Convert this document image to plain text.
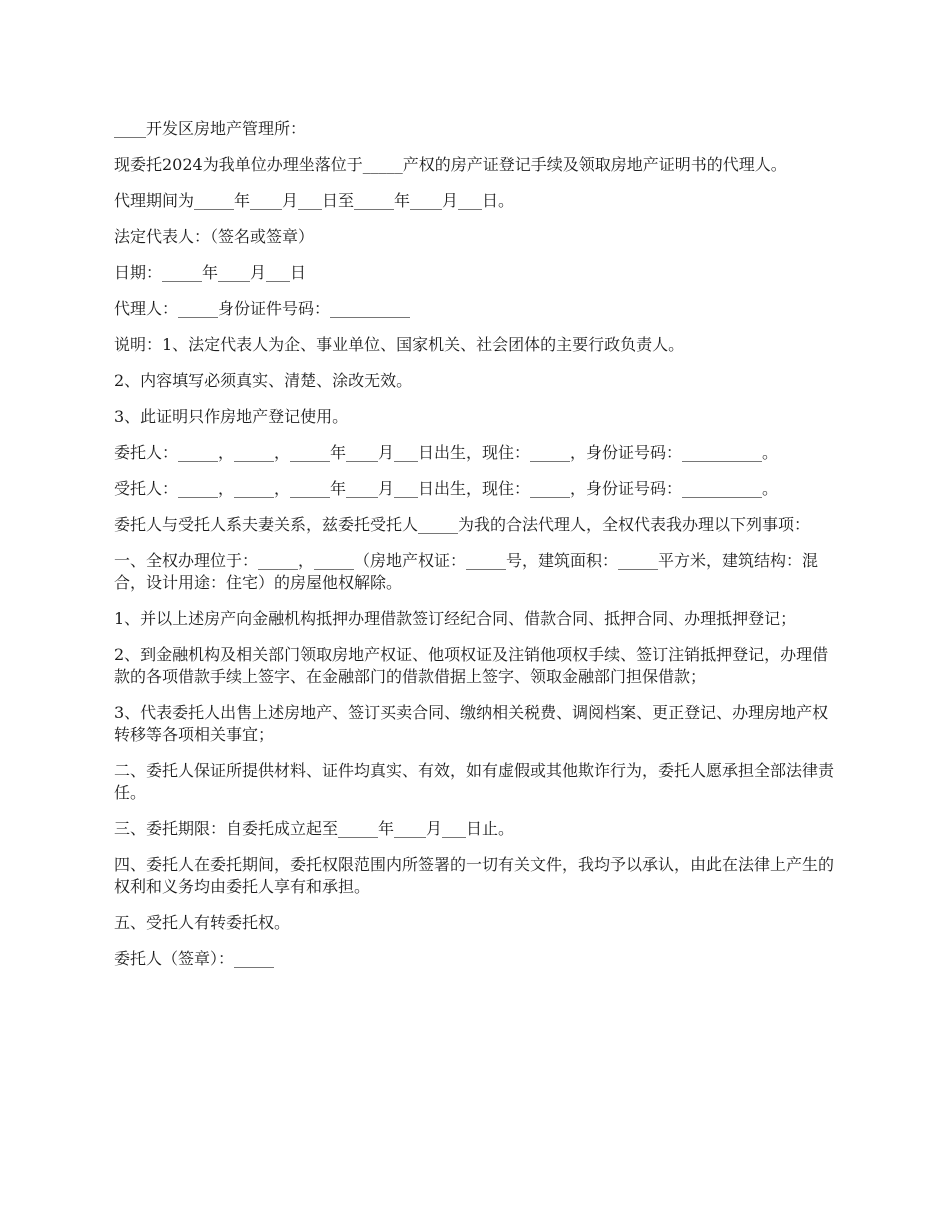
____开发区房地产管理所：

现委托2024为我单位办理坐落位于_____产权的房产证登记手续及领取房地产证明书的代理人。

代理期间为_____年____月___日至_____年____月___日。

法定代表人：（签名或签章）

日期：_____年____月___日

代理人：_____身份证件号码：__________

说明：1、法定代表人为企、事业单位、国家机关、社会团体的主要行政负责人。

2、内容填写必须真实、清楚、涂改无效。

3、此证明只作房地产登记使用。

委托人：_____，_____，_____年____月___日出生，现住：_____，身份证号码：__________。

受托人：_____，_____，_____年____月___日出生，现住：_____，身份证号码：__________。

委托人与受托人系夫妻关系，兹委托受托人_____为我的合法代理人，全权代表我办理以下列事项：

一、全权办理位于：_____，_____（房地产权证：_____号，建筑面积：_____平方米，建筑结构：混合，设计用途：住宅）的房屋他权解除。

1、并以上述房产向金融机构抵押办理借款签订经纪合同、借款合同、抵押合同、办理抵押登记；

2、到金融机构及相关部门领取房地产权证、他项权证及注销他项权手续、签订注销抵押登记，办理借款的各项借款手续上签字、在金融部门的借款借据上签字、领取金融部门担保借款；

3、代表委托人出售上述房地产、签订买卖合同、缴纳相关税费、调阅档案、更正登记、办理房地产权转移等各项相关事宜；

二、委托人保证所提供材料、证件均真实、有效，如有虚假或其他欺诈行为，委托人愿承担全部法律责任。

三、委托期限：自委托成立起至_____年____月___日止。

四、委托人在委托期间，委托权限范围内所签署的一切有关文件，我均予以承认，由此在法律上产生的权利和义务均由委托人享有和承担。

五、受托人有转委托权。

委托人（签章）：_____
